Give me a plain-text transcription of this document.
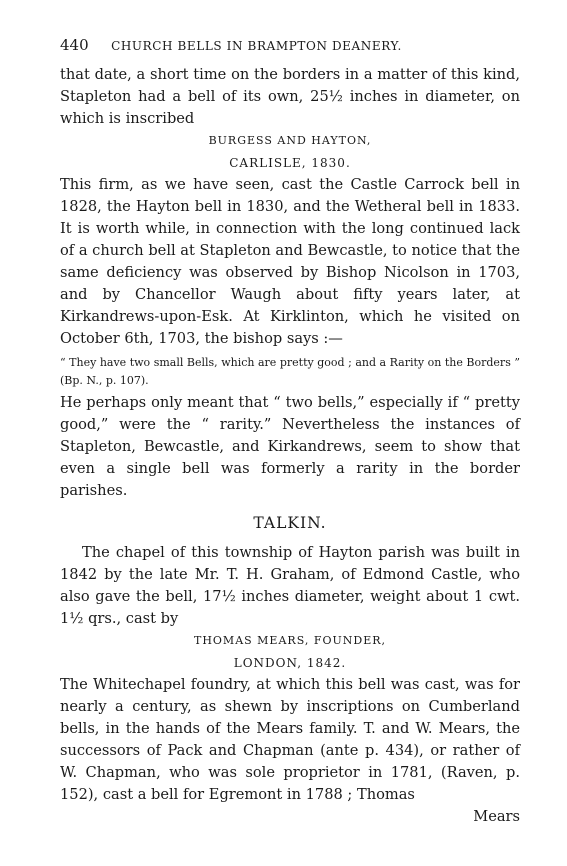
440 CHURCH BELLS IN BRAMPTON DEANERY.

that date, a short time on the borders in a matter of this kind, Stapleton had a bell of its own, 25½ inches in diameter, on which is inscribed

BURGESS AND HAYTON,
CARLISLE, 1830.

This firm, as we have seen, cast the Castle Carrock bell in 1828, the Hayton bell in 1830, and the Wetheral bell in 1833. It is worth while, in connection with the long continued lack of a church bell at Stapleton and Bewcastle, to notice that the same deficiency was observed by Bishop Nicolson in 1703, and by Chancellor Waugh about fifty years later, at Kirkandrews-upon-Esk. At Kirklinton, which he visited on October 6th, 1703, the bishop says :—

“ They have two small Bells, which are pretty good ; and a Rarity on the Borders ” (Bp. N., p. 107).

He perhaps only meant that “ two bells,” especially if “ pretty good,” were the “ rarity.” Nevertheless the instances of Stapleton, Bewcastle, and Kirkandrews, seem to show that even a single bell was formerly a rarity in the border parishes.

TALKIN.

The chapel of this township of Hayton parish was built in 1842 by the late Mr. T. H. Graham, of Edmond Castle, who also gave the bell, 17½ inches diameter, weight about 1 cwt. 1½ qrs., cast by

THOMAS MEARS, FOUNDER,
LONDON, 1842.

The Whitechapel foundry, at which this bell was cast, was for nearly a century, as shewn by inscriptions on Cumberland bells, in the hands of the Mears family. T. and W. Mears, the successors of Pack and Chapman (ante p. 434), or rather of W. Chapman, who was sole proprietor in 1781, (Raven, p. 152), cast a bell for Egremont in 1788 ; Thomas

Mears
